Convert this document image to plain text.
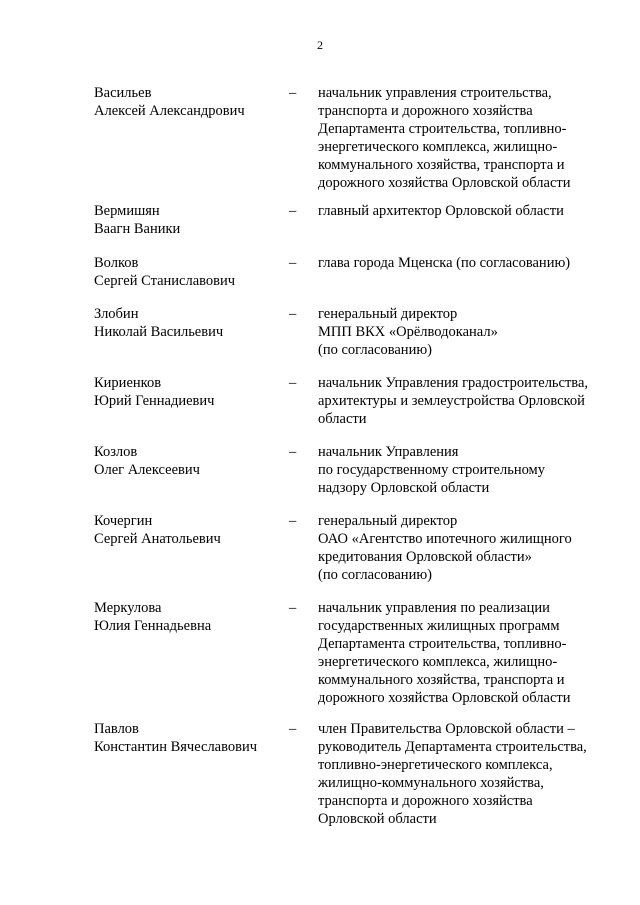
2
Васильев
Алексей Александрович
– начальник управления строительства,
транспорта и дорожного хозяйства
Департамента строительства, топливно-
энергетического комплекса, жилищно-
коммунального хозяйства, транспорта и
дорожного хозяйства Орловской области
Вермишян
Ваагн Ваники
– главный архитектор Орловской области
Волков
Сергей Станиславович
– глава города Мценска (по согласованию)
Злобин
Николай Васильевич
– генеральный директор
МПП ВКХ «Орёлводоканал»
(по согласованию)
Кириенков
Юрий Геннадиевич
– начальник Управления градостроительства,
архитектуры и землеустройства Орловской
области
Козлов
Олег Алексеевич
– начальник Управления
по государственному строительному
надзору Орловской области
Кочергин
Сергей Анатольевич
– генеральный директор
ОАО «Агентство ипотечного жилищного
кредитования Орловской области»
(по согласованию)
Меркулова
Юлия Геннадьевна
– начальник управления по реализации
государственных жилищных программ
Департамента строительства, топливно-
энергетического комплекса, жилищно-
коммунального хозяйства, транспорта и
дорожного хозяйства Орловской области
Павлов
Константин Вячеславович
– член Правительства Орловской области –
руководитель Департамента строительства,
топливно-энергетического комплекса,
жилищно-коммунального хозяйства,
транспорта и дорожного хозяйства
Орловской области
